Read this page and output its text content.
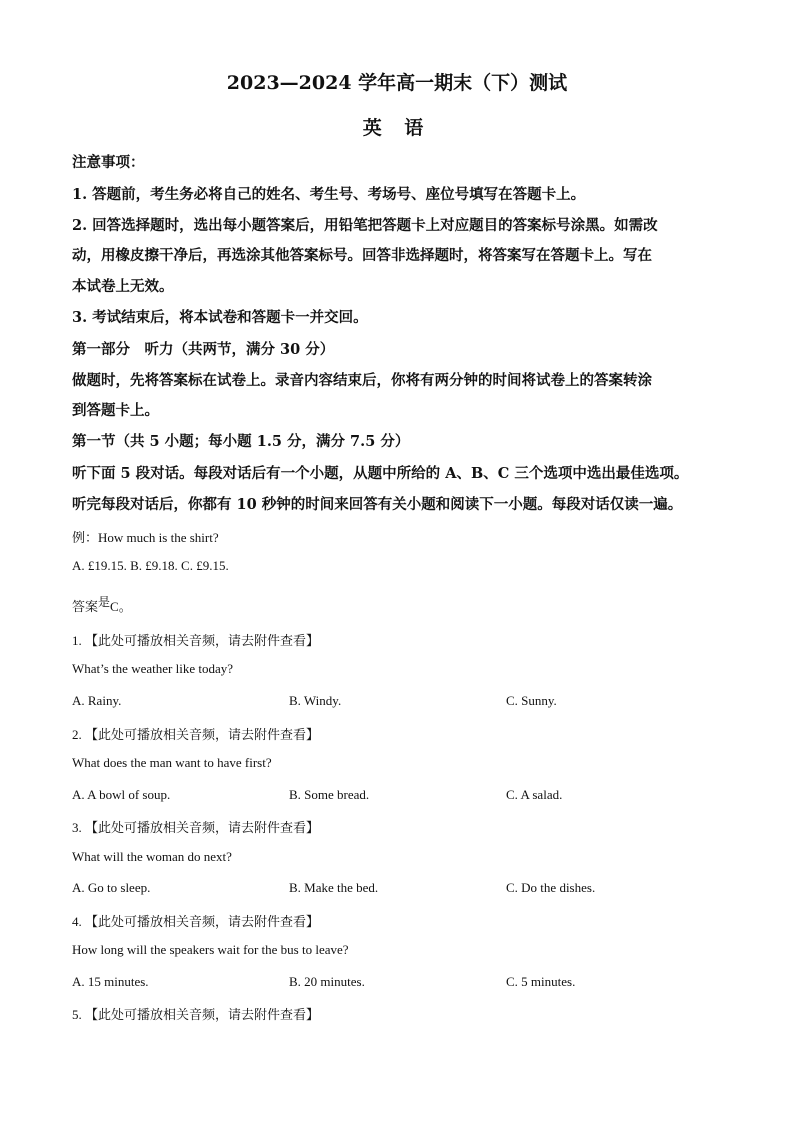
2023—2024 学年高一期末（下）测试
英 语
注意事项：
1. 答题前，考生务必将自己的姓名、考生号、考场号、座位号填写在答题卡上。
2. 回答选择题时，选出每小题答案后，用铅笔把答题卡上对应题目的答案标号涂黑。如需改
动，用橡皮擦干净后，再选涂其他答案标号。回答非选择题时，将答案写在答题卡上。写在
本试卷上无效。
3. 考试结束后，将本试卷和答题卡一并交回。
第一部分　听力（共两节，满分 30 分）
做题时，先将答案标在试卷上。录音内容结束后，你将有两分钟的时间将试卷上的答案转涂
到答题卡上。
第一节（共 5 小题；每小题 1.5 分，满分 7.5 分）
听下面 5 段对话。每段对话后有一个小题，从题中所给的 A、B、C 三个选项中选出最佳选项。
听完每段对话后，你都有 10 秒钟的时间来回答有关小题和阅读下一小题。每段对话仅读一遍。
例：How much is the shirt?
A. £19.15. B. £9.18. C. £9.15.
答案是C。
1. 【此处可播放相关音频，请去附件查看】
What’s the weather like today?
A. Rainy.	B. Windy.	C. Sunny.
2. 【此处可播放相关音频，请去附件查看】
What does the man want to have first?
A. A bowl of soup.	B. Some bread.	C. A salad.
3. 【此处可播放相关音频，请去附件查看】
What will the woman do next?
A. Go to sleep.	B. Make the bed.	C. Do the dishes.
4. 【此处可播放相关音频，请去附件查看】
How long will the speakers wait for the bus to leave?
A. 15 minutes.	B. 20 minutes.	C. 5 minutes.
5. 【此处可播放相关音频，请去附件查看】
